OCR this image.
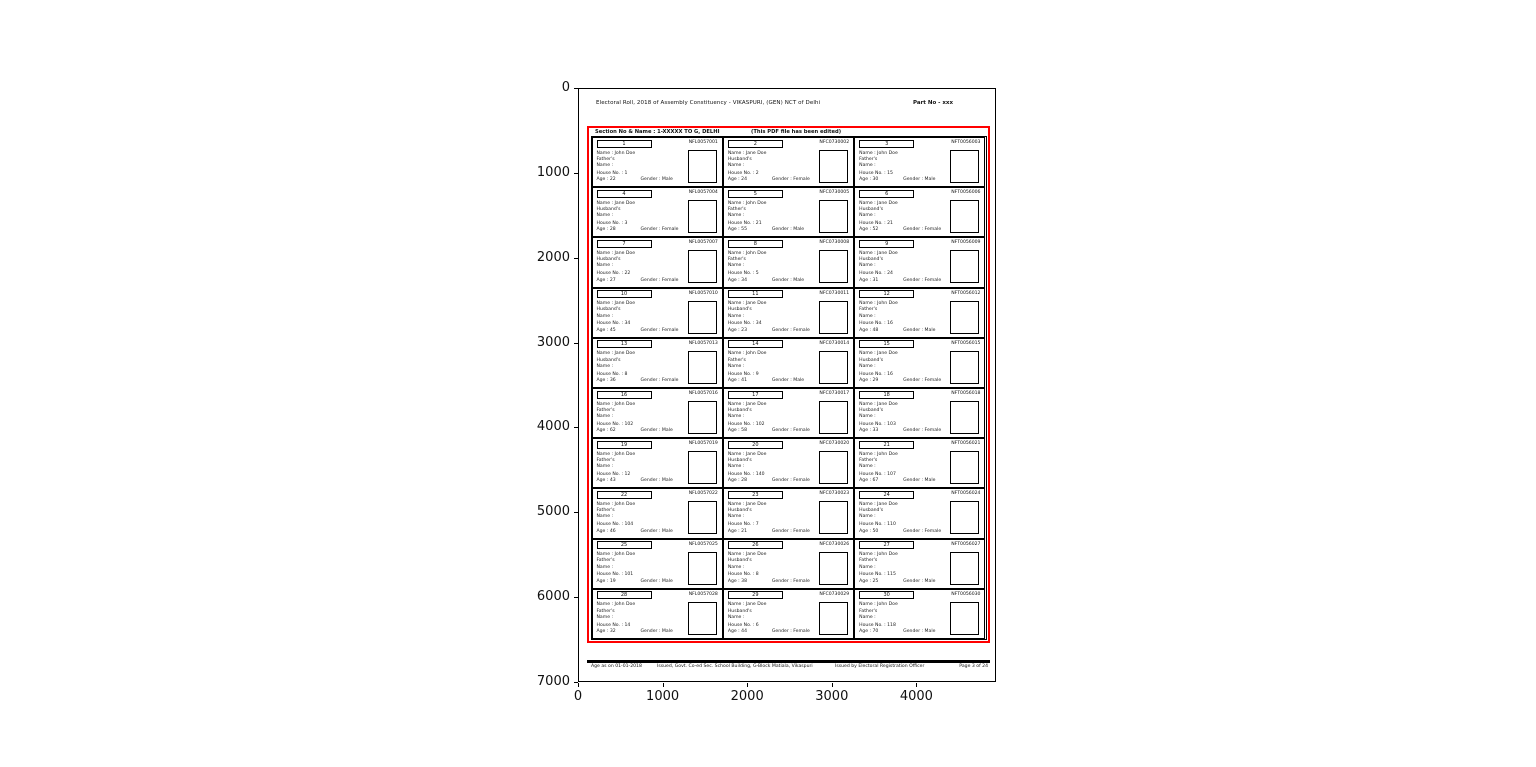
0
1000
2000
3000
4000
5000
6000
7000
0	1000	2000	3000	4000
Electoral Roll, 2018 of Assembly Constituency - VIKASPURI, (GEN) NCT of Delhi	Part No - xxx
Section No & Name : 1-XXXXX TO G, DELHI	(This PDF file has been edited)
1	NFL0057001
Name : John Doe
Father's
Name :
House No. : 1
Age : 22	Gender : Male
2	NFC0730002
Name : Jane Doe
Husband's
Name :
House No. : 2
Age : 24	Gender : Female
3	NFT0056003
Name : John Doe
Father's
Name :
House No. : 15
Age : 30	Gender : Male
4	NFL0057004
Name : Jane Doe
Husband's
Name :
House No. : 3
Age : 28	Gender : Female
5	NFC0730005
Name : John Doe
Father's
Name :
House No. : 21
Age : 55	Gender : Male
6	NFT0056006
Name : Jane Doe
Husband's
Name :
House No. : 21
Age : 52	Gender : Female
7	NFL0057007
Name : Jane Doe
Husband's
Name :
House No. : 22
Age : 27	Gender : Female
8	NFC0730008
Name : John Doe
Father's
Name :
House No. : 5
Age : 34	Gender : Male
9	NFT0056009
Name : Jane Doe
Husband's
Name :
House No. : 24
Age : 31	Gender : Female
10	NFL0057010
Name : Jane Doe
Husband's
Name :
House No. : 34
Age : 45	Gender : Female
11	NFC0730011
Name : Jane Doe
Husband's
Name :
House No. : 34
Age : 23	Gender : Female
12	NFT0056012
Name : John Doe
Father's
Name :
House No. : 16
Age : 48	Gender : Male
13	NFL0057013
Name : Jane Doe
Husband's
Name :
House No. : 8
Age : 36	Gender : Female
14	NFC0730014
Name : John Doe
Father's
Name :
House No. : 9
Age : 41	Gender : Male
15	NFT0056015
Name : Jane Doe
Husband's
Name :
House No. : 16
Age : 29	Gender : Female
16	NFL0057016
Name : John Doe
Father's
Name :
House No. : 102
Age : 62	Gender : Male
17	NFC0730017
Name : Jane Doe
Husband's
Name :
House No. : 102
Age : 58	Gender : Female
18	NFT0056018
Name : Jane Doe
Husband's
Name :
House No. : 103
Age : 33	Gender : Female
19	NFL0057019
Name : John Doe
Father's
Name :
House No. : 12
Age : 43	Gender : Male
20	NFC0730020
Name : Jane Doe
Husband's
Name :
House No. : 140
Age : 28	Gender : Female
21	NFT0056021
Name : John Doe
Father's
Name :
House No. : 107
Age : 67	Gender : Male
22	NFL0057022
Name : John Doe
Father's
Name :
House No. : 104
Age : 46	Gender : Male
23	NFC0730023
Name : Jane Doe
Husband's
Name :
House No. : 7
Age : 21	Gender : Female
24	NFT0056024
Name : Jane Doe
Husband's
Name :
House No. : 110
Age : 50	Gender : Female
25	NFL0057025
Name : John Doe
Father's
Name :
House No. : 101
Age : 19	Gender : Male
26	NFC0730026
Name : Jane Doe
Husband's
Name :
House No. : 8
Age : 38	Gender : Female
27	NFT0056027
Name : John Doe
Father's
Name :
House No. : 115
Age : 25	Gender : Male
28	NFL0057028
Name : John Doe
Father's
Name :
House No. : 14
Age : 32	Gender : Male
29	NFC0730029
Name : Jane Doe
Husband's
Name :
House No. : 6
Age : 44	Gender : Female
30	NFT0056030
Name : John Doe
Father's
Name :
House No. : 118
Age : 70	Gender : Male
Age as on 01-01-2018	Issued, Govt. Co-ed Sec. School Building, G-Block Matiala, Vikaspuri	Issued by Electoral Registration Officer	Page 3 of 24
